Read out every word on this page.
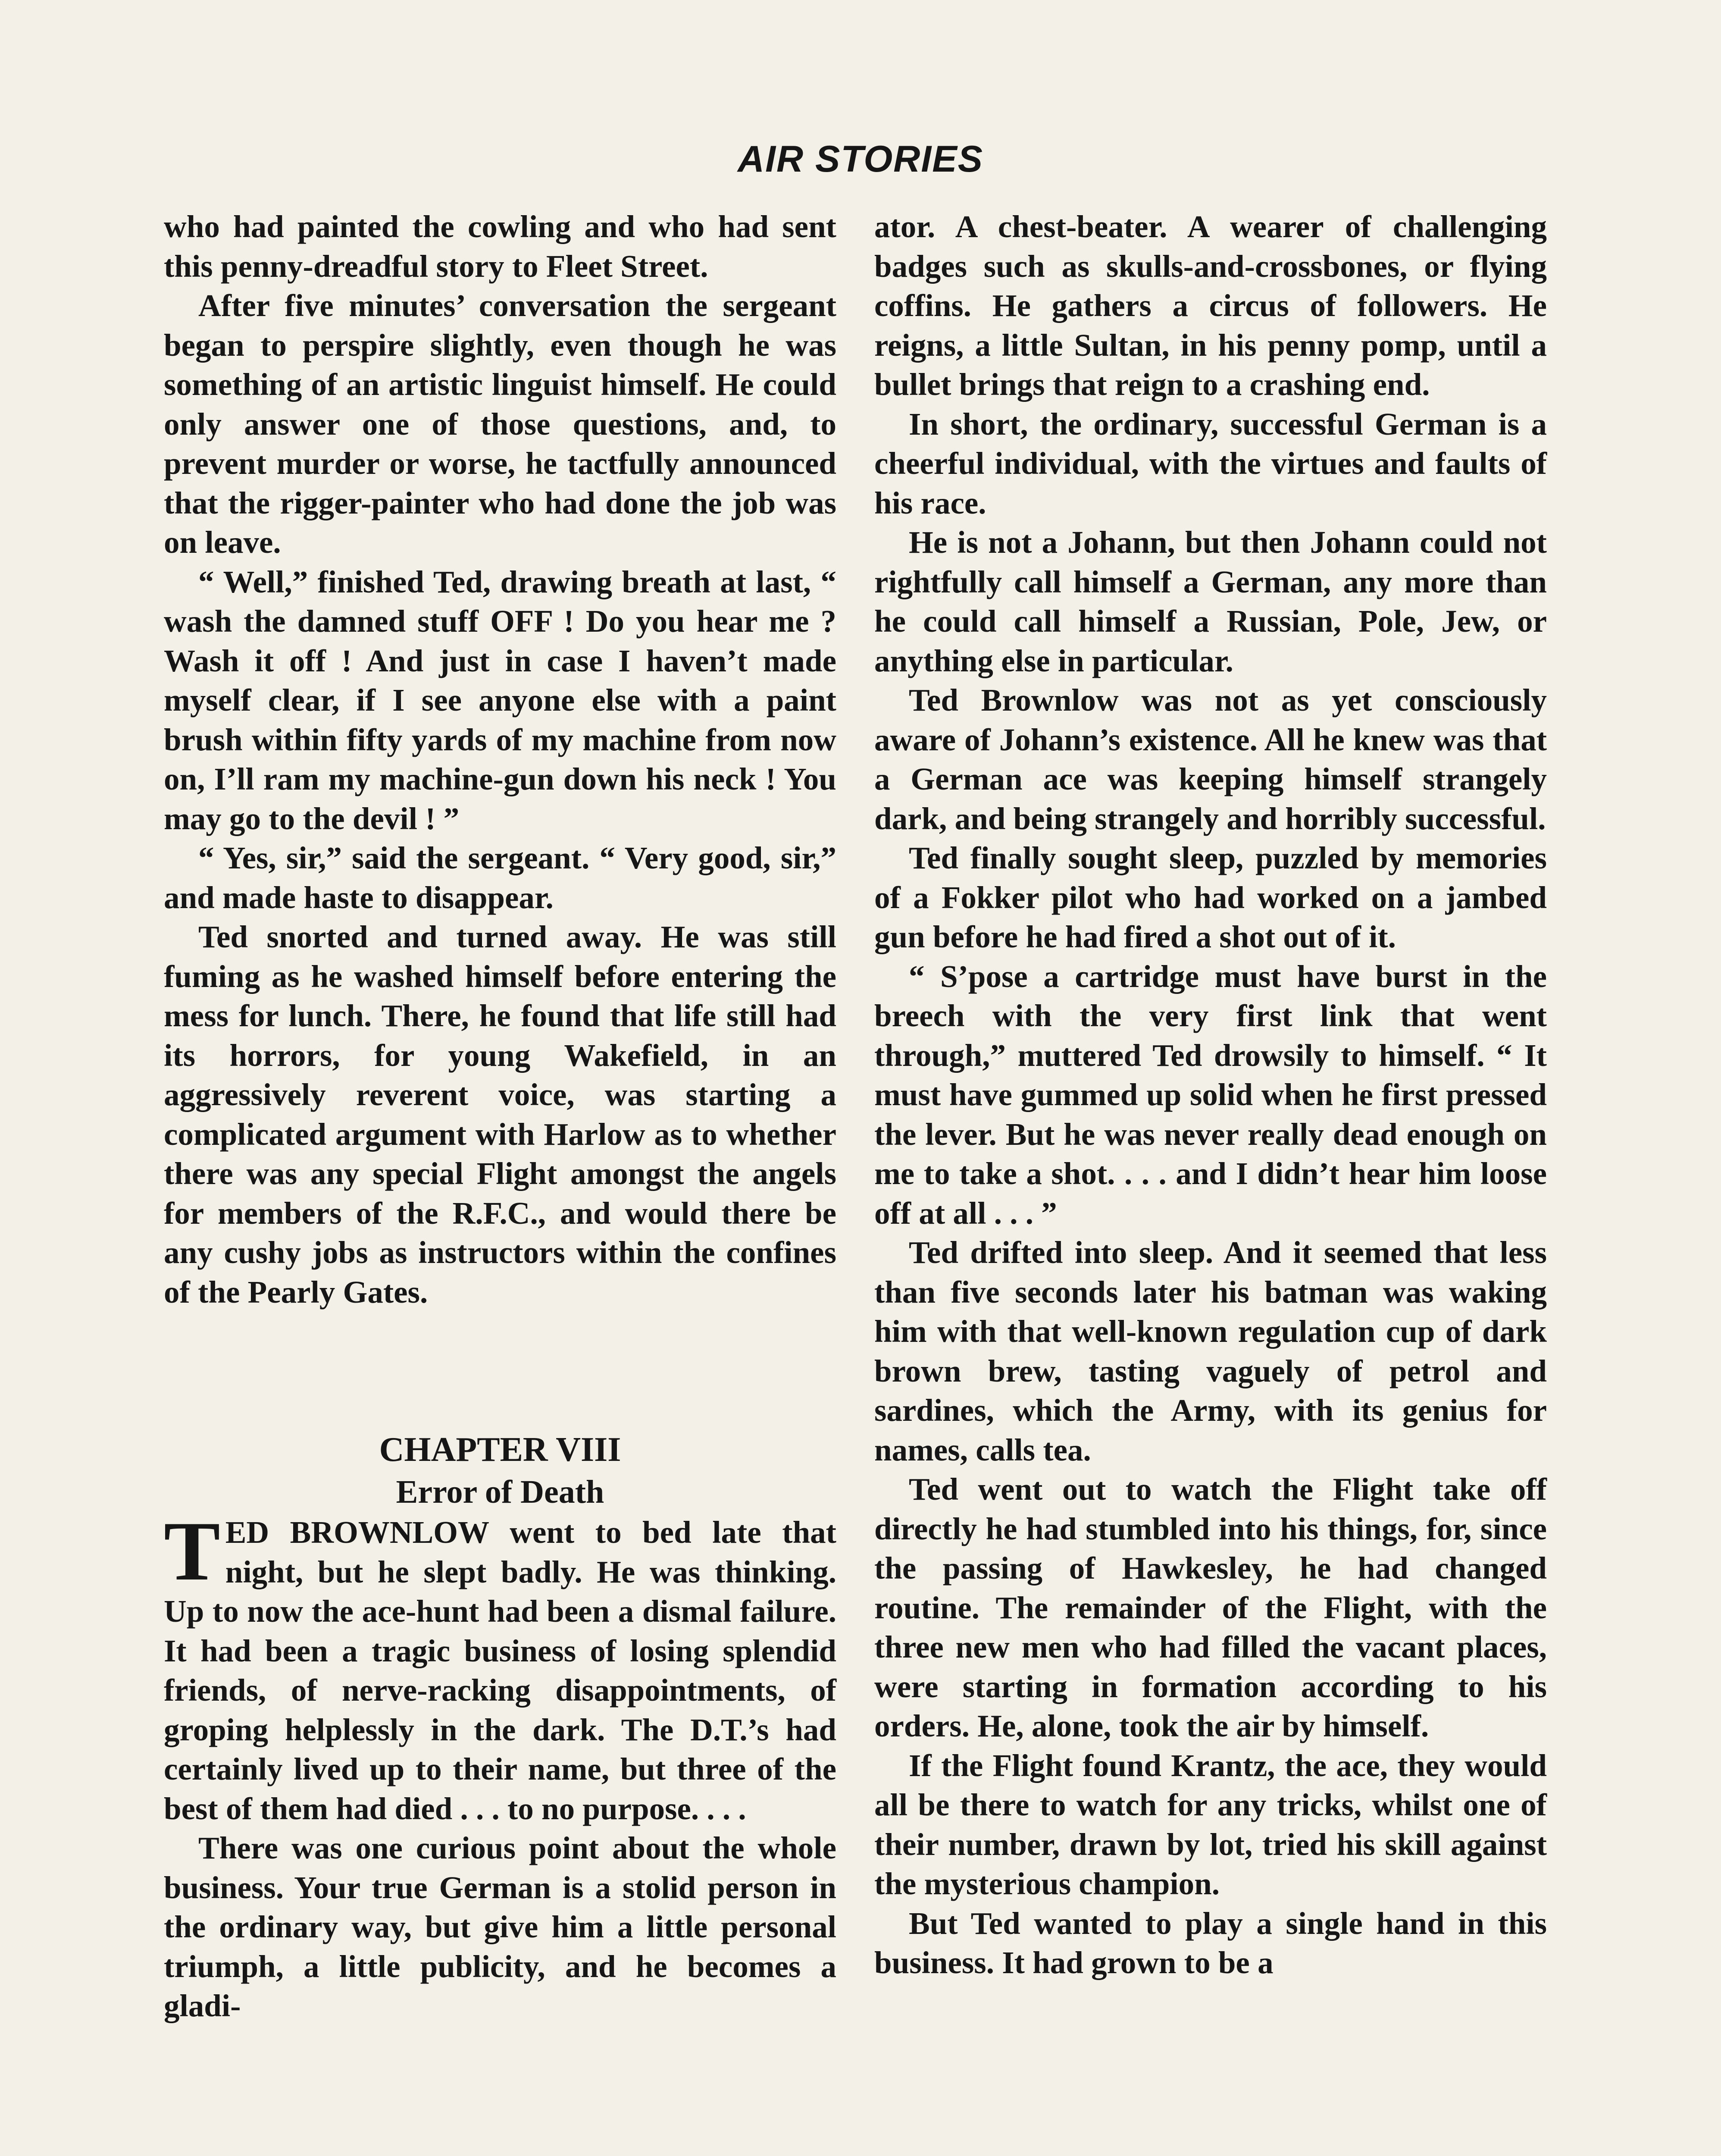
AIR STORIES

who had painted the cowling and who had sent this penny-dreadful story to Fleet Street.

After five minutes’ conversation the sergeant began to perspire slightly, even though he was something of an artistic linguist himself. He could only answer one of those questions, and, to prevent murder or worse, he tactfully announced that the rigger-painter who had done the job was on leave.

“ Well,” finished Ted, drawing breath at last, “ wash the damned stuff OFF ! Do you hear me ? Wash it off ! And just in case I haven’t made myself clear, if I see anyone else with a paint brush within fifty yards of my machine from now on, I’ll ram my machine-gun down his neck ! You may go to the devil ! ”

“ Yes, sir,” said the sergeant. “ Very good, sir,” and made haste to disappear.

Ted snorted and turned away. He was still fuming as he washed himself before entering the mess for lunch. There, he found that life still had its horrors, for young Wakefield, in an aggressively reverent voice, was starting a complicated argument with Harlow as to whether there was any special Flight amongst the angels for members of the R.F.C., and would there be any cushy jobs as instructors within the confines of the Pearly Gates.

CHAPTER VIII
Error of Death

TED BROWNLOW went to bed late that night, but he slept badly. He was thinking. Up to now the ace-hunt had been a dismal failure. It had been a tragic business of losing splendid friends, of nerve-racking disappointments, of groping helplessly in the dark. The D.T.’s had certainly lived up to their name, but three of the best of them had died . . . to no purpose. . . .

There was one curious point about the whole business. Your true German is a stolid person in the ordinary way, but give him a little personal triumph, a little publicity, and he becomes a gladi-

ator. A chest-beater. A wearer of challenging badges such as skulls-and-crossbones, or flying coffins. He gathers a circus of followers. He reigns, a little Sultan, in his penny pomp, until a bullet brings that reign to a crashing end.

In short, the ordinary, successful German is a cheerful individual, with the virtues and faults of his race.

He is not a Johann, but then Johann could not rightfully call himself a German, any more than he could call himself a Russian, Pole, Jew, or anything else in particular.

Ted Brownlow was not as yet consciously aware of Johann’s existence. All he knew was that a German ace was keeping himself strangely dark, and being strangely and horribly successful.

Ted finally sought sleep, puzzled by memories of a Fokker pilot who had worked on a jambed gun before he had fired a shot out of it.

“ S’pose a cartridge must have burst in the breech with the very first link that went through,” muttered Ted drowsily to himself. “ It must have gummed up solid when he first pressed the lever. But he was never really dead enough on me to take a shot. . . . and I didn’t hear him loose off at all . . . ”

Ted drifted into sleep. And it seemed that less than five seconds later his batman was waking him with that well-known regulation cup of dark brown brew, tasting vaguely of petrol and sardines, which the Army, with its genius for names, calls tea.

Ted went out to watch the Flight take off directly he had stumbled into his things, for, since the passing of Hawkesley, he had changed routine. The remainder of the Flight, with the three new men who had filled the vacant places, were starting in formation according to his orders. He, alone, took the air by himself.

If the Flight found Krantz, the ace, they would all be there to watch for any tricks, whilst one of their number, drawn by lot, tried his skill against the mysterious champion.

But Ted wanted to play a single hand in this business. It had grown to be a
